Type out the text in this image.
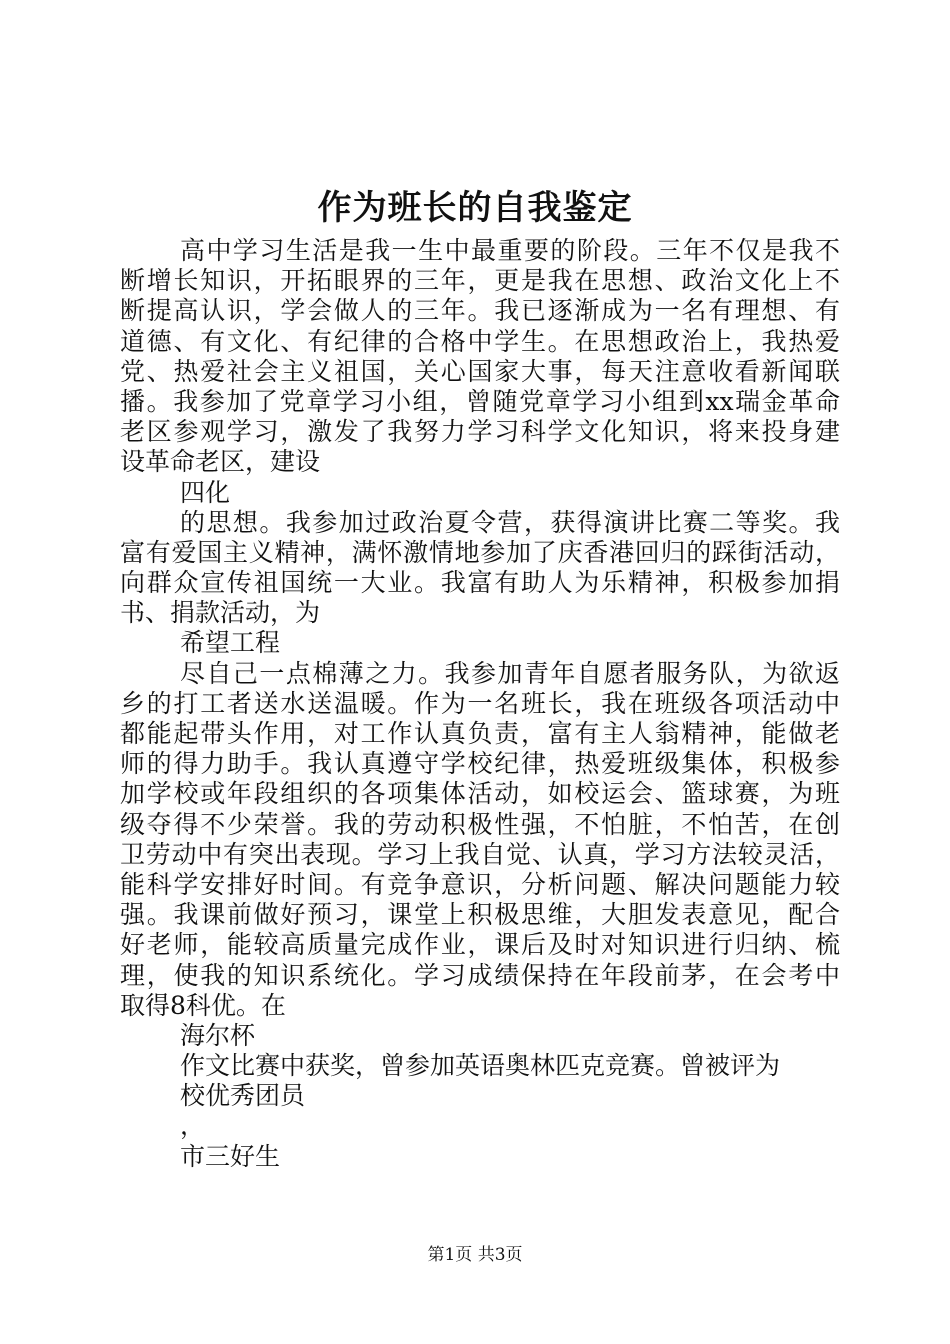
作为班长的自我鉴定
高中学习生活是我一生中最重要的阶段。三年不仅是我不
断增长知识，开拓眼界的三年，更是我在思想、政治文化上不
断提高认识，学会做人的三年。我已逐渐成为一名有理想、有
道德、有文化、有纪律的合格中学生。在思想政治上，我热爱
党、热爱社会主义祖国，关心国家大事，每天注意收看新闻联
播。我参加了党章学习小组，曾随党章学习小组到xx瑞金革命
老区参观学习，激发了我努力学习科学文化知识，将来投身建
设革命老区，建设
四化
的思想。我参加过政治夏令营，获得演讲比赛二等奖。我
富有爱国主义精神，满怀激情地参加了庆香港回归的踩街活动，
向群众宣传祖国统一大业。我富有助人为乐精神，积极参加捐
书、捐款活动，为
希望工程
尽自己一点棉薄之力。我参加青年自愿者服务队，为欲返
乡的打工者送水送温暖。作为一名班长，我在班级各项活动中
都能起带头作用，对工作认真负责，富有主人翁精神，能做老
师的得力助手。我认真遵守学校纪律，热爱班级集体，积极参
加学校或年段组织的各项集体活动，如校运会、篮球赛，为班
级夺得不少荣誉。我的劳动积极性强，不怕脏，不怕苦，在创
卫劳动中有突出表现。学习上我自觉、认真，学习方法较灵活，
能科学安排好时间。有竞争意识，分析问题、解决问题能力较
强。我课前做好预习，课堂上积极思维，大胆发表意见，配合
好老师，能较高质量完成作业，课后及时对知识进行归纳、梳
理，使我的知识系统化。学习成绩保持在年段前茅，在会考中
取得8科优。在
海尔杯
作文比赛中获奖，曾参加英语奥林匹克竞赛。曾被评为
校优秀团员
，
市三好生
第1页 共3页
